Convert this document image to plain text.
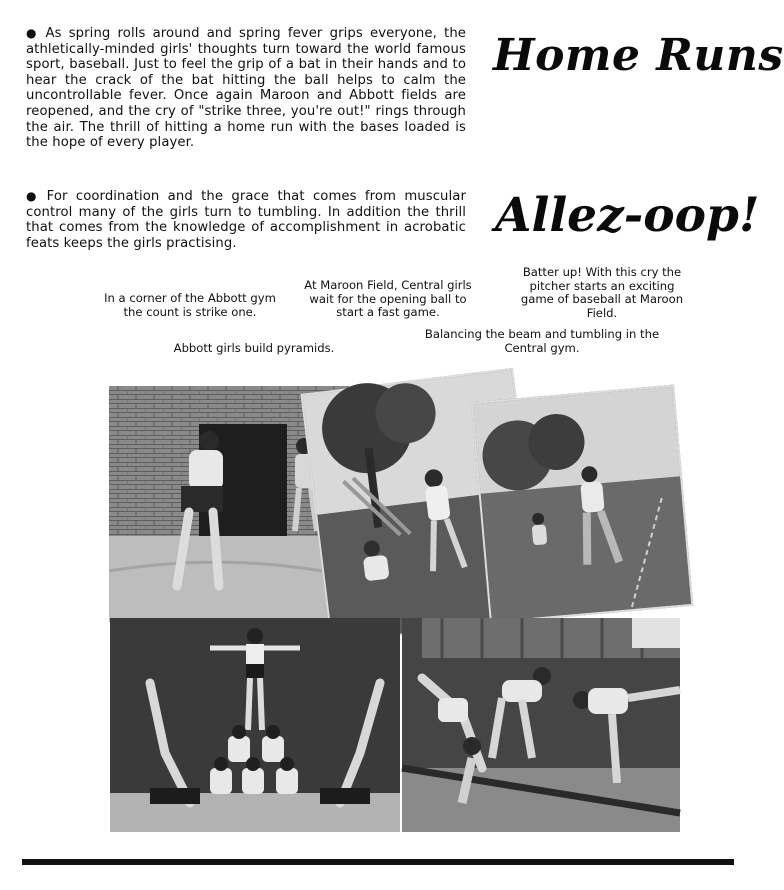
● As spring rolls around and spring fever grips everyone, the athletically-minded girls' thoughts turn toward the world famous sport, baseball. Just to feel the grip of a bat in their hands and to hear the crack of the bat hitting the ball helps to calm the uncontrollable fever. Once again Maroon and Abbott fields are reopened, and the cry of "strike three, you're out!" rings through the air. The thrill of hitting a home run with the bases loaded is the hope of every player.
Home Runs
● For coordination and the grace that comes from muscular control many of the girls turn to tumbling. In addition the thrill that comes from the knowledge of accomplishment in acrobatic feats keeps the girls practising.
Allez-oop!
In a corner of the Abbott gym the count is strike one.
At Maroon Field, Central girls wait for the opening ball to start a fast game.
Batter up! With this cry the pitcher starts an exciting game of baseball at Maroon Field.
Abbott girls build pyramids.
Balancing the beam and tumbling in the Central gym.
